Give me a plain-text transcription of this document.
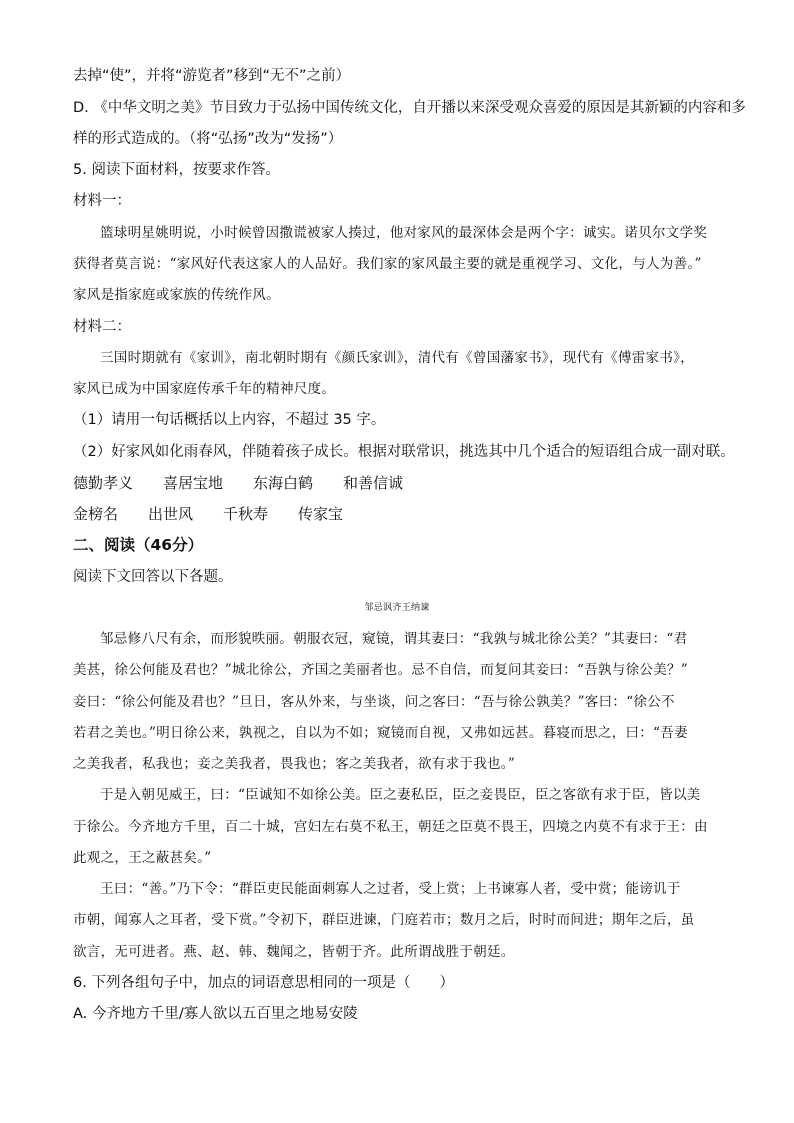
去掉“使”，并将“游览者”移到“无不”之前）
D. 《中华文明之美》节目致力于弘扬中国传统文化，自开播以来深受观众喜爱的原因是其新颖的内容和多
样的形式造成的。（将“弘扬”改为“发扬”）
5. 阅读下面材料，按要求作答。
材料一：
篮球明星姚明说，小时候曾因撒谎被家人揍过，他对家风的最深体会是两个字：诚实。诺贝尔文学奖
获得者莫言说：“家风好代表这家人的人品好。我们家的家风最主要的就是重视学习、文化，与人为善。”
家风是指家庭或家族的传统作风。
材料二：
三国时期就有《家训》，南北朝时期有《颜氏家训》，清代有《曾国藩家书》，现代有《傅雷家书》，
家风已成为中国家庭传承千年的精神尺度。
（1）请用一句话概括以上内容，不超过 35 字。
（2）好家风如化雨春风，伴随着孩子成长。根据对联常识，挑选其中几个适合的短语组合成一副对联。
德勤孝义　　喜居宝地　　东海白鹤　　和善信诚
金榜名　　出世风　　千秋寿　　传家宝
二、阅读（46分）
阅读下文回答以下各题。
邹忌讽齐王纳谏
邹忌修八尺有余，而形貌昳丽。朝服衣冠，窥镜，谓其妻曰：“我孰与城北徐公美？”其妻曰：“君
美甚，徐公何能及君也？”城北徐公，齐国之美丽者也。忌不自信，而复问其妾曰：“吾孰与徐公美？”
妾曰：“徐公何能及君也？”旦日，客从外来，与坐谈，问之客曰：“吾与徐公孰美？”客曰：“徐公不
若君之美也。”明日徐公来，孰视之，自以为不如；窥镜而自视，又弗如远甚。暮寝而思之，曰：“吾妻
之美我者，私我也；妾之美我者，畏我也；客之美我者，欲有求于我也。”
于是入朝见威王，曰：“臣诚知不如徐公美。臣之妻私臣，臣之妾畏臣，臣之客欲有求于臣，皆以美
于徐公。今齐地方千里，百二十城，宫妇左右莫不私王，朝廷之臣莫不畏王，四境之内莫不有求于王：由
此观之，王之蔽甚矣。”
王曰：“善。”乃下令：“群臣吏民能面刺寡人之过者，受上赏；上书谏寡人者，受中赏；能谤讥于
市朝，闻寡人之耳者，受下赏。”令初下，群臣进谏，门庭若市；数月之后，时时而间进；期年之后，虽
欲言，无可进者。燕、赵、韩、魏闻之，皆朝于齐。此所谓战胜于朝廷。
6. 下列各组句子中，加点的词语意思相同的一项是（　　）
A. 今齐地方千里/寡人欲以五百里之地易安陵
